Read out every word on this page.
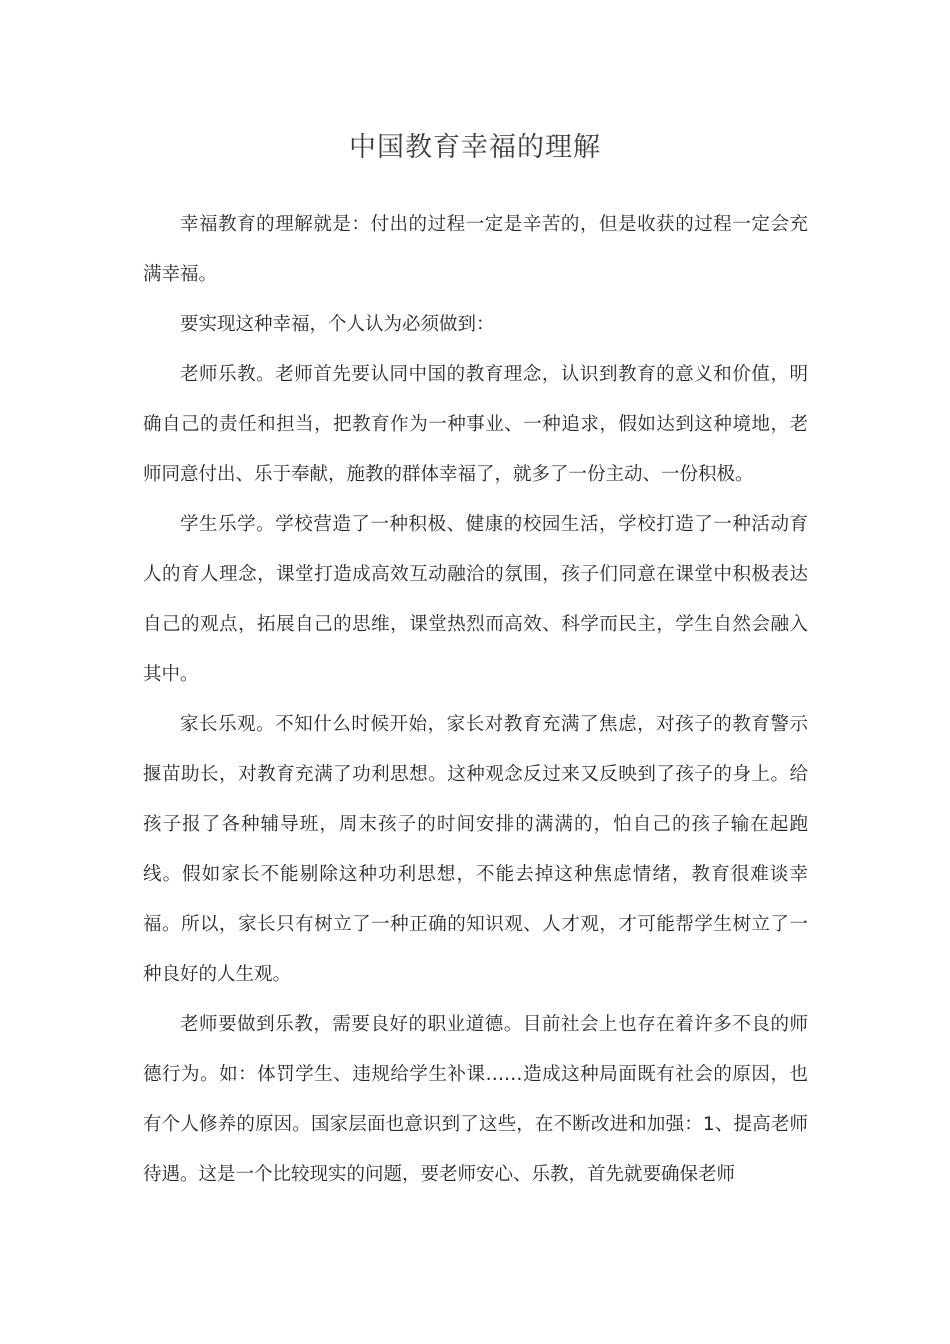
中国教育幸福的理解

幸福教育的理解就是：付出的过程一定是辛苦的，但是收获的过程一定会充满幸福。

要实现这种幸福，个人认为必须做到：

老师乐教。老师首先要认同中国的教育理念，认识到教育的意义和价值，明确自己的责任和担当，把教育作为一种事业、一种追求，假如达到这种境地，老师同意付出、乐于奉献，施教的群体幸福了，就多了一份主动、一份积极。

学生乐学。学校营造了一种积极、健康的校园生活，学校打造了一种活动育人的育人理念，课堂打造成高效互动融洽的氛围，孩子们同意在课堂中积极表达自己的观点，拓展自己的思维，课堂热烈而高效、科学而民主，学生自然会融入其中。

家长乐观。不知什么时候开始，家长对教育充满了焦虑，对孩子的教育警示揠苗助长，对教育充满了功利思想。这种观念反过来又反映到了孩子的身上。给孩子报了各种辅导班，周末孩子的时间安排的满满的，怕自己的孩子输在起跑线。假如家长不能剔除这种功利思想，不能去掉这种焦虑情绪，教育很难谈幸福。所以，家长只有树立了一种正确的知识观、人才观，才可能帮学生树立了一种良好的人生观。

老师要做到乐教，需要良好的职业道德。目前社会上也存在着许多不良的师德行为。如：体罚学生、违规给学生补课……造成这种局面既有社会的原因，也有个人修养的原因。国家层面也意识到了这些，在不断改进和加强：1、提高老师待遇。这是一个比较现实的问题，要老师安心、乐教，首先就要确保老师
